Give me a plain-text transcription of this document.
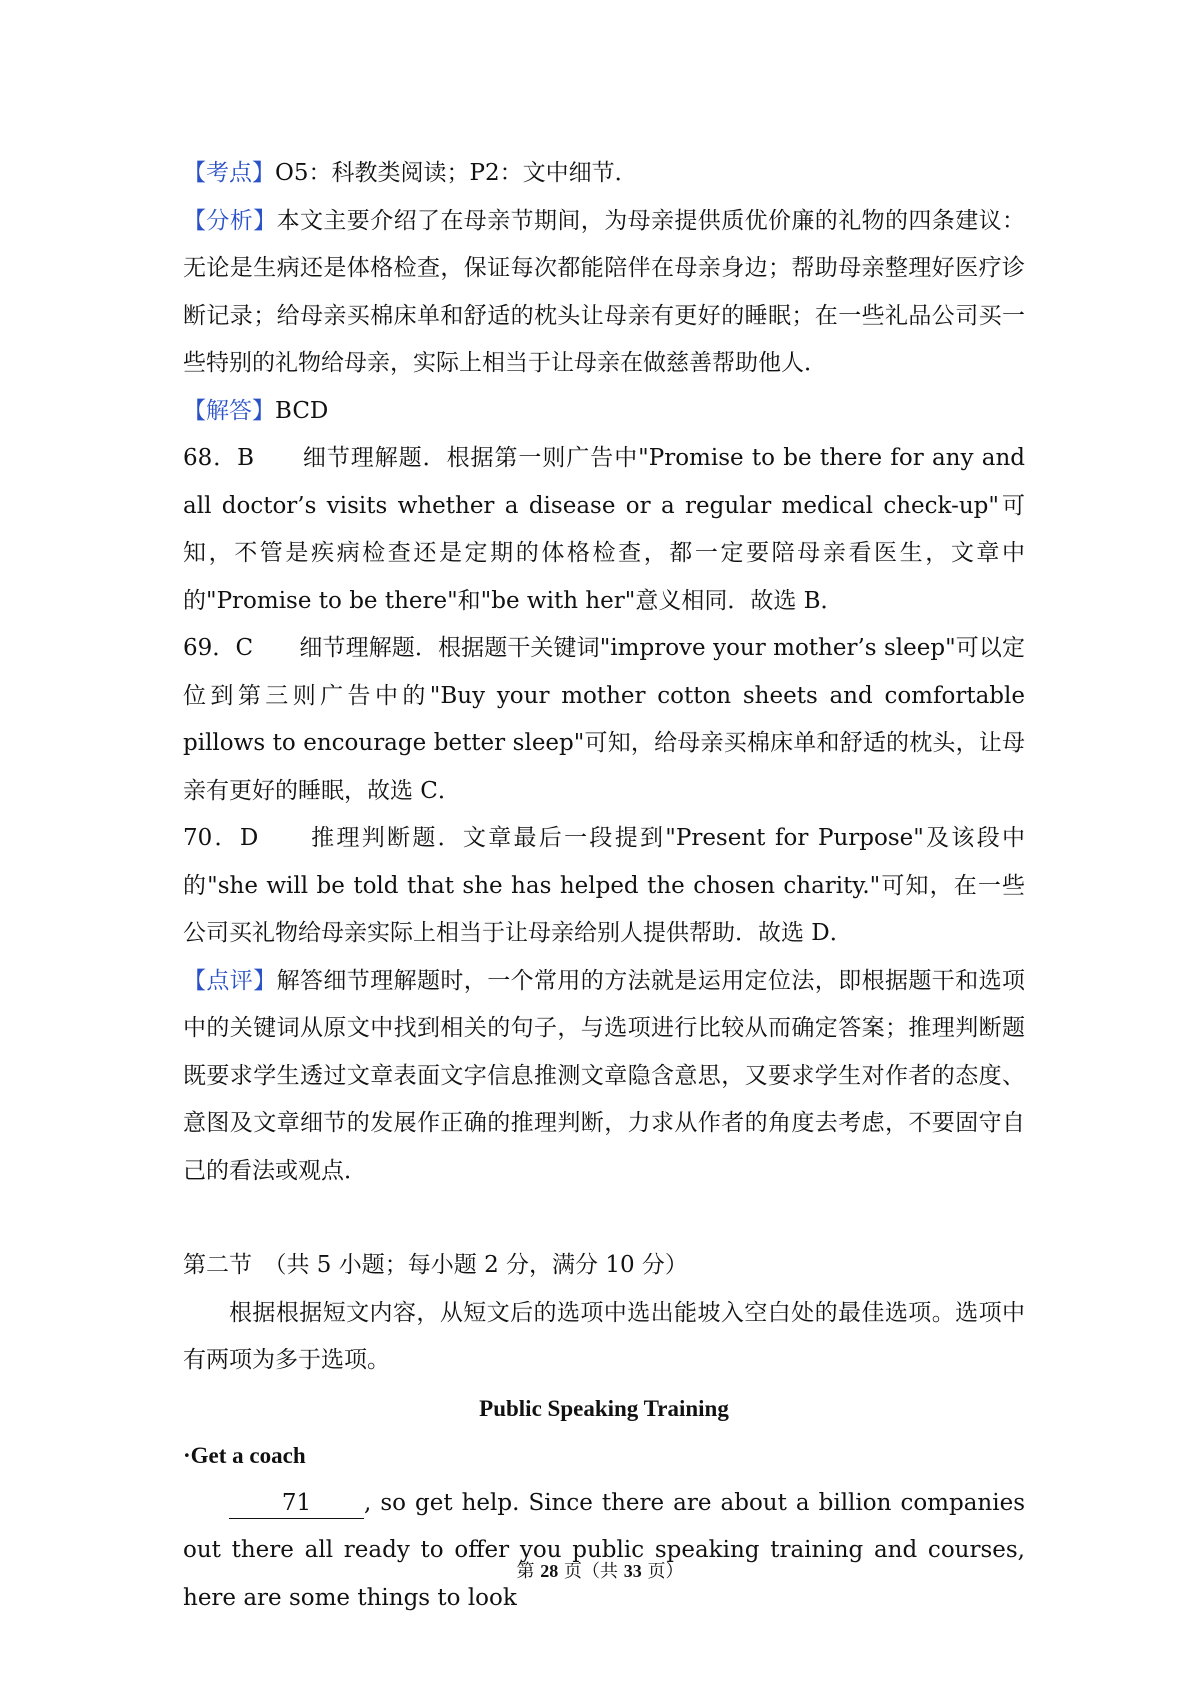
【考点】O5：科教类阅读；P2：文中细节．

【分析】本文主要介绍了在母亲节期间，为母亲提供质优价廉的礼物的四条建议：无论是生病还是体格检查，保证每次都能陪伴在母亲身边；帮助母亲整理好医疗诊断记录；给母亲买棉床单和舒适的枕头让母亲有更好的睡眠；在一些礼品公司买一些特别的礼物给母亲，实际上相当于让母亲在做慈善帮助他人．

【解答】BCD

68．B　　细节理解题．根据第一则广告中"Promise to be there for any and all doctor’s visits whether a disease or a regular medical check-up"可知，不管是疾病检查还是定期的体格检查，都一定要陪母亲看医生，文章中的"Promise to be there"和"be with her"意义相同．故选 B．

69．C　　细节理解题．根据题干关键词"improve your mother’s sleep"可以定位到第三则广告中的"Buy your mother cotton sheets and comfortable pillows to encourage better sleep"可知，给母亲买棉床单和舒适的枕头，让母亲有更好的睡眠，故选 C．

70．D　　推理判断题．文章最后一段提到"Present for Purpose"及该段中的"she will be told that she has helped the chosen charity."可知，在一些公司买礼物给母亲实际上相当于让母亲给别人提供帮助．故选 D．

【点评】解答细节理解题时，一个常用的方法就是运用定位法，即根据题干和选项中的关键词从原文中找到相关的句子，与选项进行比较从而确定答案；推理判断题既要求学生透过文章表面文字信息推测文章隐含意思，又要求学生对作者的态度、意图及文章细节的发展作正确的推理判断，力求从作者的角度去考虑，不要固守自己的看法或观点．

第二节　（共 5 小题；每小题 2 分，满分 10 分）

根据根据短文内容，从短文后的选项中选出能坡入空白处的最佳选项。选项中有两项为多于选项。

Public Speaking Training

·Get a coach

71 , so get help. Since there are about a billion companies out there all ready to offer you public speaking training and courses, here are some things to look

第 28 页（共 33 页）
